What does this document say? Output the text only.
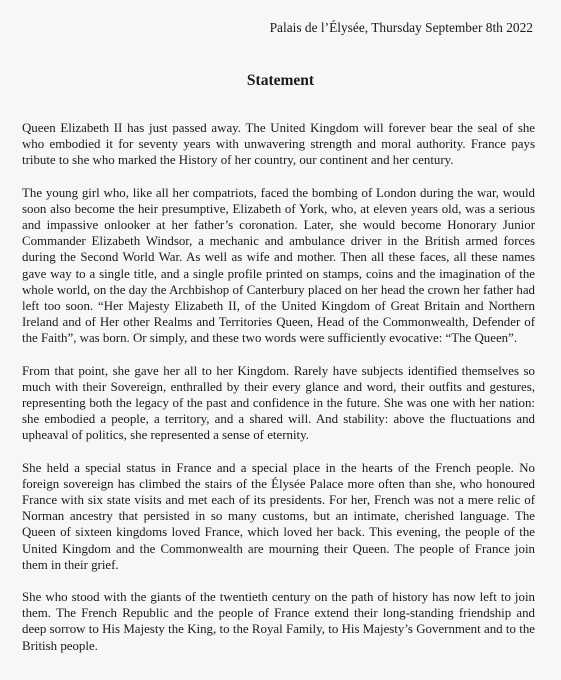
Palais de l’Élysée, Thursday September 8th 2022
Statement

Queen Elizabeth II has just passed away. The United Kingdom will forever bear the seal of she who embodied it for seventy years with unwavering strength and moral authority. France pays tribute to she who marked the History of her country, our continent and her century.

The young girl who, like all her compatriots, faced the bombing of London during the war, would soon also become the heir presumptive, Elizabeth of York, who, at eleven years old, was a serious and impassive onlooker at her father’s coronation. Later, she would become Honorary Junior Commander Elizabeth Windsor, a mechanic and ambulance driver in the British armed forces during the Second World War. As well as wife and mother. Then all these faces, all these names gave way to a single title, and a single profile printed on stamps, coins and the imagination of the whole world, on the day the Archbishop of Canterbury placed on her head the crown her father had left too soon. “Her Majesty Elizabeth II, of the United Kingdom of Great Britain and Northern Ireland and of Her other Realms and Territories Queen, Head of the Commonwealth, Defender of the Faith”, was born. Or simply, and these two words were sufficiently evocative: “The Queen”.

From that point, she gave her all to her Kingdom. Rarely have subjects identified themselves so much with their Sovereign, enthralled by their every glance and word, their outfits and gestures, representing both the legacy of the past and confidence in the future. She was one with her nation: she embodied a people, a territory, and a shared will. And stability: above the fluctuations and upheaval of politics, she represented a sense of eternity.

She held a special status in France and a special place in the hearts of the French people. No foreign sovereign has climbed the stairs of the Élysée Palace more often than she, who honoured France with six state visits and met each of its presidents. For her, French was not a mere relic of Norman ancestry that persisted in so many customs, but an intimate, cherished language. The Queen of sixteen kingdoms loved France, which loved her back. This evening, the people of the United Kingdom and the Commonwealth are mourning their Queen. The people of France join them in their grief.

She who stood with the giants of the twentieth century on the path of history has now left to join them. The French Republic and the people of France extend their long-standing friendship and deep sorrow to His Majesty the King, to the Royal Family, to His Majesty’s Government and to the British people.
